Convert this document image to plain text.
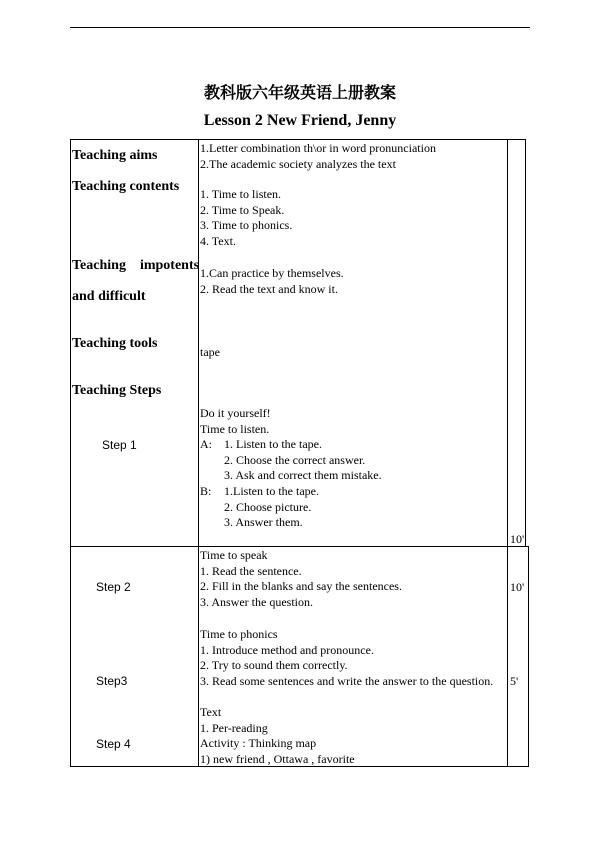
教科版六年级英语上册教案
Lesson 2 New Friend, Jenny
Teaching aims
Teaching contents
Teaching    impotents
and difficult
Teaching tools
Teaching Steps
1.Letter combination th\or in word pronunciation
2.The academic society analyzes the text
1. Time to listen.
2. Time to Speak.
3. Time to phonics.
4. Text.
1.Can practice by themselves.
2. Read the text and know it.
tape
Step 1
Do it yourself!
Time to listen.
A: 1. Listen to the tape.
2. Choose the correct answer.
3. Ask and correct them mistake.
B: 1.Listen to the tape.
2. Choose picture.
3. Answer them.
10'
Step 2
Time to speak
1. Read the sentence.
2. Fill in the blanks and say the sentences.
3. Answer the question.
10'
Step3
Time to phonics
1. Introduce method and pronounce.
2. Try to sound them correctly.
3. Read some sentences and write the answer to the question. 5'
Step 4
Text
1. Per-reading
Activity : Thinking map
1) new friend , Ottawa , favorite
